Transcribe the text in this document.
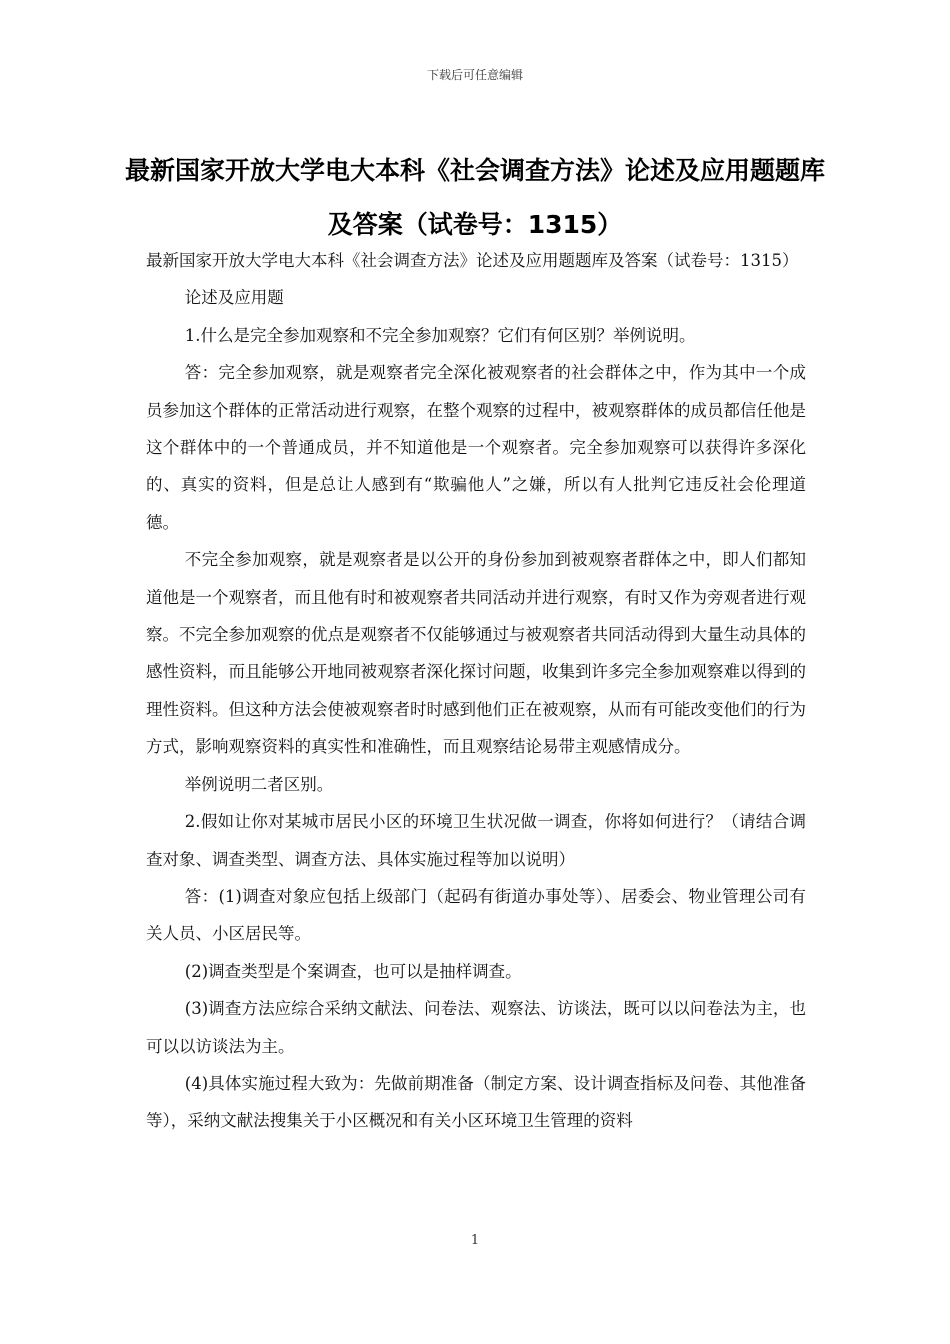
下载后可任意编辑
最新国家开放大学电大本科《社会调查方法》论述及应用题题库及答案（试卷号：1315）

最新国家开放大学电大本科《社会调查方法》论述及应用题题库及答案（试卷号：1315）

论述及应用题

1.什么是完全参加观察和不完全参加观察？它们有何区别？举例说明。

答：完全参加观察，就是观察者完全深化被观察者的社会群体之中，作为其中一个成员参加这个群体的正常活动进行观察，在整个观察的过程中，被观察群体的成员都信任他是这个群体中的一个普通成员，并不知道他是一个观察者。完全参加观察可以获得许多深化的、真实的资料，但是总让人感到有“欺骗他人”之嫌，所以有人批判它违反社会伦理道德。

不完全参加观察，就是观察者是以公开的身份参加到被观察者群体之中，即人们都知道他是一个观察者，而且他有时和被观察者共同活动并进行观察，有时又作为旁观者进行观察。不完全参加观察的优点是观察者不仅能够通过与被观察者共同活动得到大量生动具体的感性资料，而且能够公开地同被观察者深化探讨问题，收集到许多完全参加观察难以得到的理性资料。但这种方法会使被观察者时时感到他们正在被观察，从而有可能改变他们的行为方式，影响观察资料的真实性和准确性，而且观察结论易带主观感情成分。

举例说明二者区别。

2.假如让你对某城市居民小区的环境卫生状况做一调查，你将如何进行？（请结合调查对象、调查类型、调查方法、具体实施过程等加以说明）

答：(1)调查对象应包括上级部门（起码有街道办事处等）、居委会、物业管理公司有关人员、小区居民等。

(2)调查类型是个案调查，也可以是抽样调查。

(3)调查方法应综合采纳文献法、问卷法、观察法、访谈法，既可以以问卷法为主，也可以以访谈法为主。

(4)具体实施过程大致为：先做前期准备（制定方案、设计调查指标及问卷、其他准备等），采纳文献法搜集关于小区概况和有关小区环境卫生管理的资料

1
